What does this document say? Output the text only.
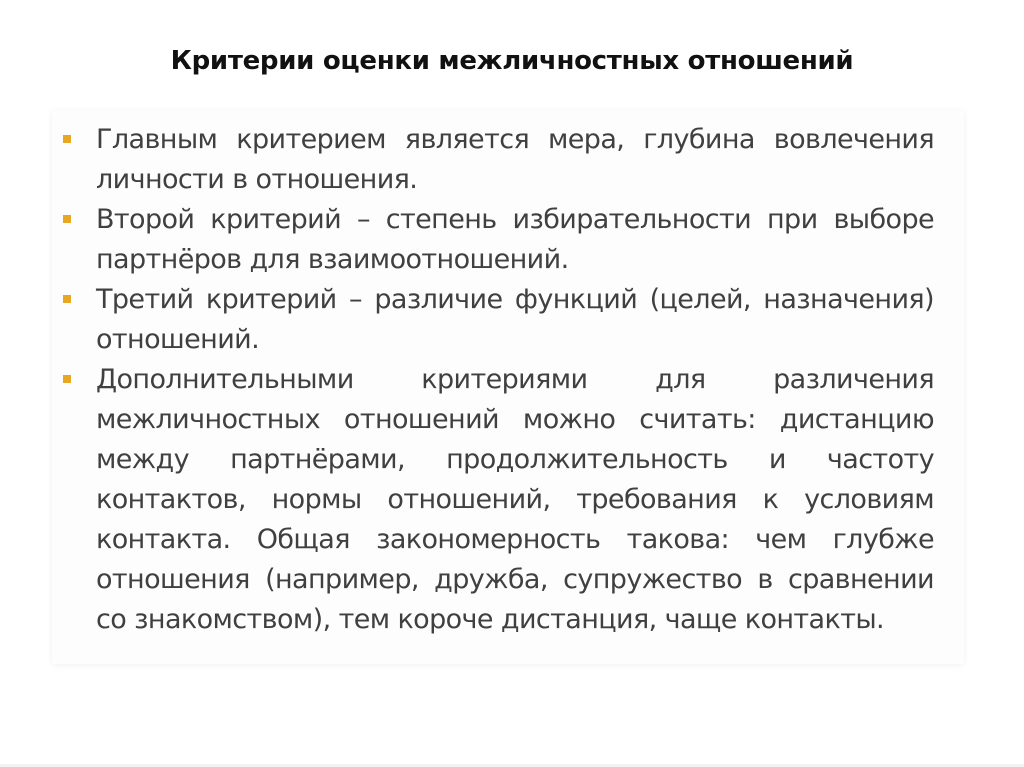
Критерии оценки межличностных отношений
Главным критерием является мера, глубина вовлечения личности в отношения.
Второй критерий – степень избирательности при выборе партнёров для взаимоотношений.
Третий критерий – различие функций (целей, назначения) отношений.
Дополнительными критериями для различения межличностных отношений можно считать: дистанцию между партнёрами, продолжительность и частоту контактов, нормы отношений, требования к условиям контакта. Общая закономерность такова: чем глубже отношения (например, дружба, супружество в сравнении со знакомством), тем короче дистанция, чаще контакты.
